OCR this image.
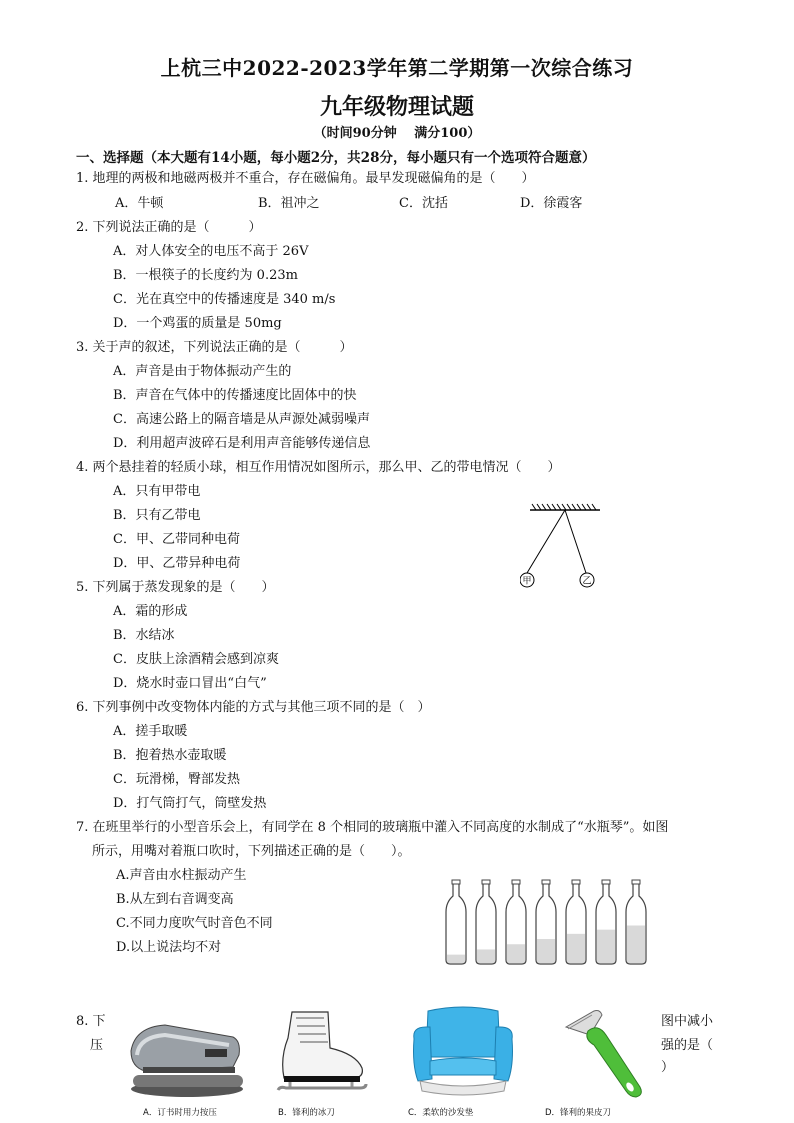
上杭三中2022-2023学年第二学期第一次综合练习
九年级物理试题
（时间90分钟　 满分100）
一、选择题（本大题有14小题，每小题2分，共28分，每小题只有一个选项符合题意）
1. 地理的两极和地磁两极并不重合，存在磁偏角。最早发现磁偏角的是（　　）
A．牛顿	B．祖冲之	C．沈括	D．徐霞客
2. 下列说法正确的是（　　　）
A．对人体安全的电压不高于 26V
B．一根筷子的长度约为 0.23m
C．光在真空中的传播速度是 340 m/s
D．一个鸡蛋的质量是 50mg
3. 关于声的叙述，下列说法正确的是（　　　）
A．声音是由于物体振动产生的
B．声音在气体中的传播速度比固体中的快
C．高速公路上的隔音墙是从声源处减弱噪声
D．利用超声波碎石是利用声音能够传递信息
4. 两个悬挂着的轻质小球，相互作用情况如图所示，那么甲、乙的带电情况（　　）
A．只有甲带电
B．只有乙带电
C．甲、乙带同种电荷
D．甲、乙带异种电荷
甲	乙
5. 下列属于蒸发现象的是（　　）
A．霜的形成
B．水结冰
C．皮肤上涂酒精会感到凉爽
D．烧水时壶口冒出“白气”
6. 下列事例中改变物体内能的方式与其他三项不同的是（　）
A．搓手取暖
B．抱着热水壶取暖
C．玩滑梯，臀部发热
D．打气筒打气，筒壁发热
7. 在班里举行的小型音乐会上，有同学在 8 个相同的玻璃瓶中灌入不同高度的水制成了“水瓶琴”。如图
所示，用嘴对着瓶口吹时，下列描述正确的是（　　）。
A.声音由水柱振动产生
B.从左到右音调变高
C.不同力度吹气时音色不同
D.以上说法均不对
8. 下
压
图中减小
强的是（
）
A．订书时用力按压	B．锋利的冰刀	C．柔软的沙发垫	D．锋利的果皮刀
